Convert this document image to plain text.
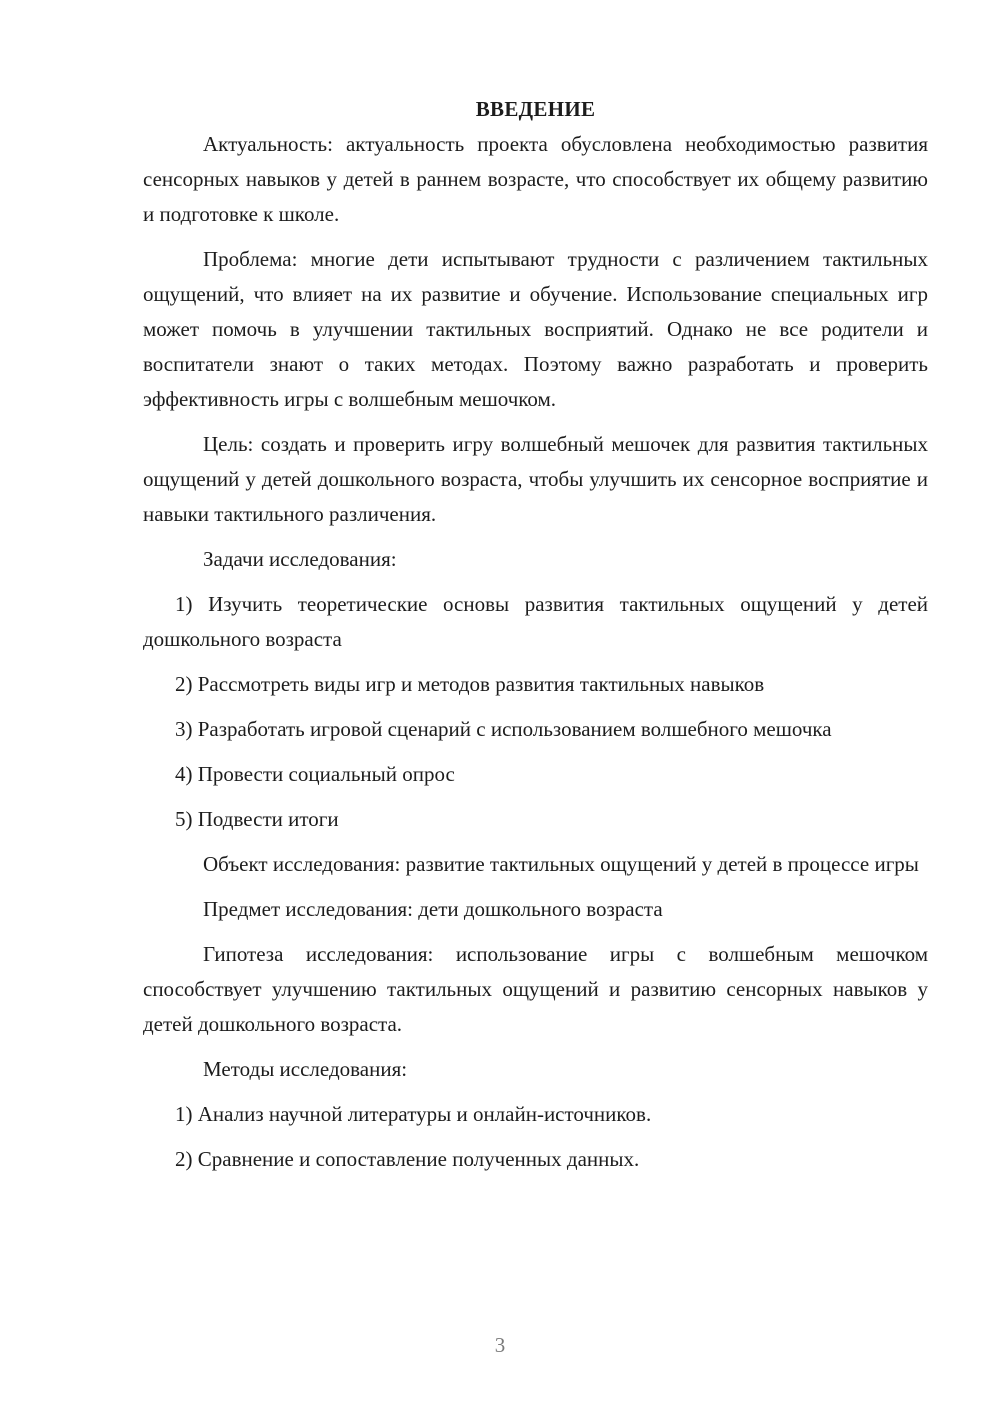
ВВЕДЕНИЕ

Актуальность: актуальность проекта обусловлена необходимостью развития сенсорных навыков у детей в раннем возрасте, что способствует их общему развитию и подготовке к школе.

Проблема: многие дети испытывают трудности с различением тактильных ощущений, что влияет на их развитие и обучение. Использование специальных игр может помочь в улучшении тактильных восприятий. Однако не все родители и воспитатели знают о таких методах. Поэтому важно разработать и проверить эффективность игры с волшебным мешочком.

Цель: создать и проверить игру волшебный мешочек для развития тактильных ощущений у детей дошкольного возраста, чтобы улучшить их сенсорное восприятие и навыки тактильного различения.

Задачи исследования:

1) Изучить теоретические основы развития тактильных ощущений у детей дошкольного возраста

2) Рассмотреть виды игр и методов развития тактильных навыков

3) Разработать игровой сценарий с использованием волшебного мешочка

4) Провести социальный опрос

5) Подвести итоги

Объект исследования: развитие тактильных ощущений у детей в процессе игры

Предмет исследования: дети дошкольного возраста

Гипотеза исследования: использование игры с волшебным мешочком способствует улучшению тактильных ощущений и развитию сенсорных навыков у детей дошкольного возраста.

Методы исследования:

1) Анализ научной литературы и онлайн-источников.

2) Сравнение и сопоставление полученных данных.

3
